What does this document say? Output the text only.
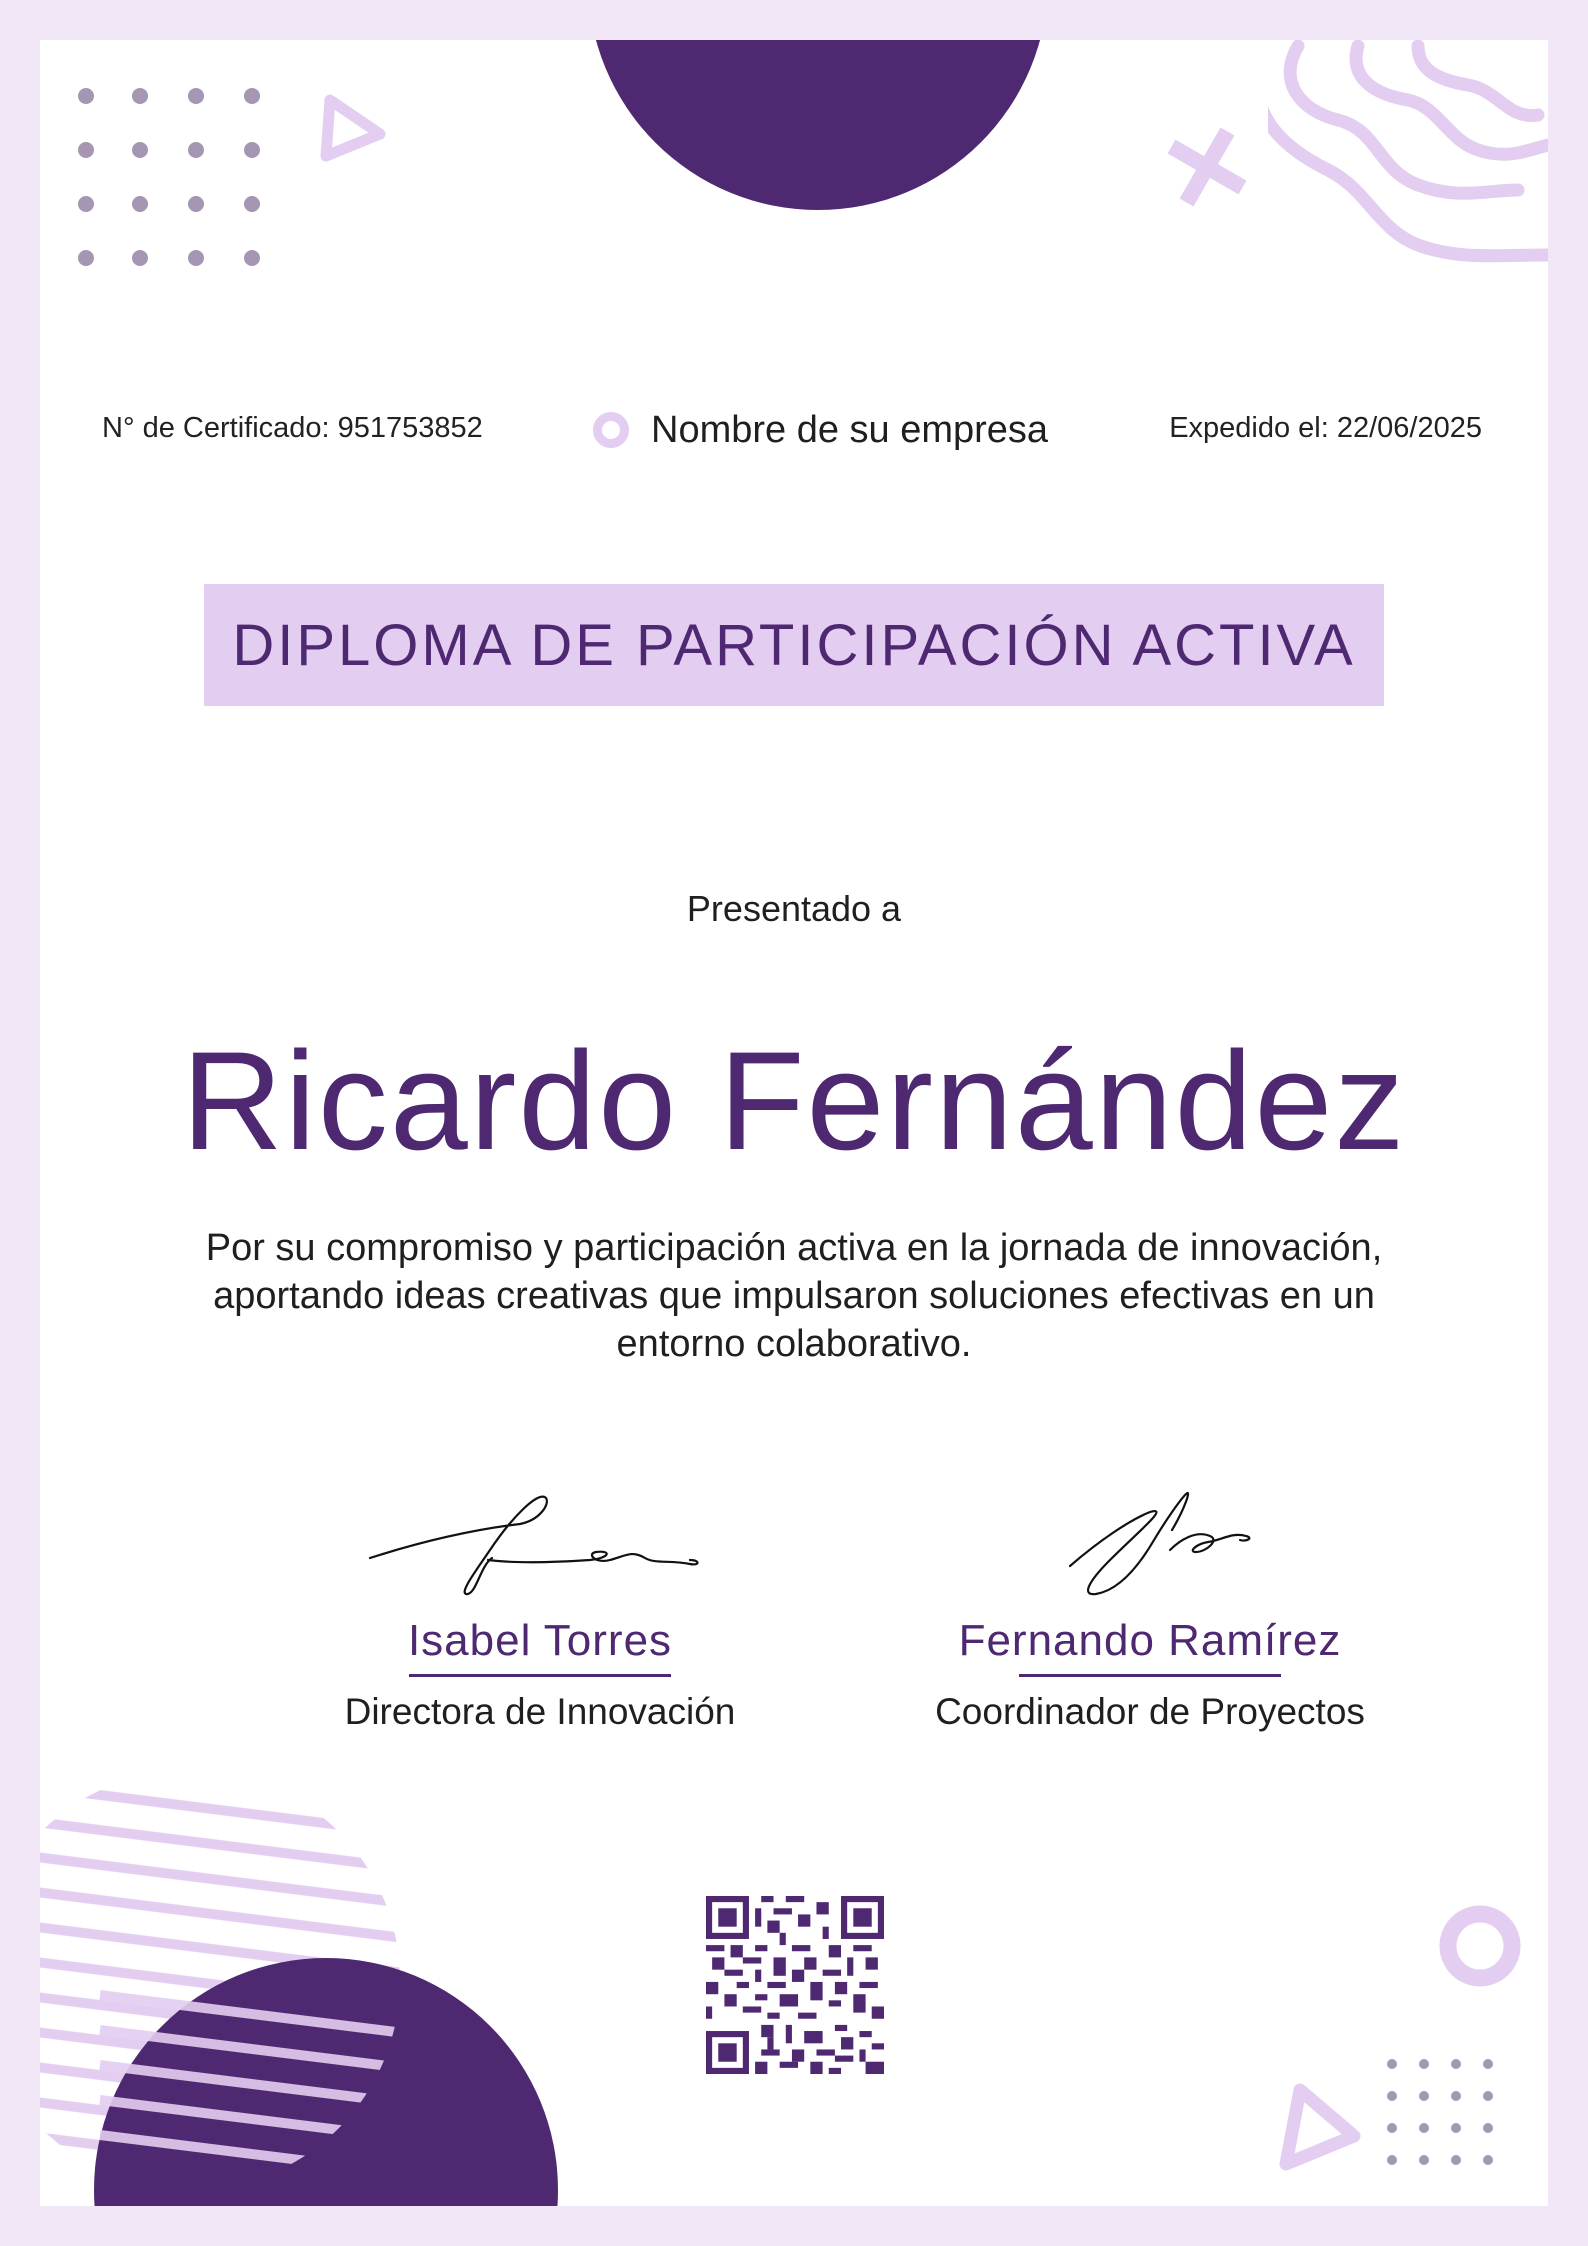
N° de Certificado: 951753852	Nombre de su empresa	Expedido el: 22/06/2025
DIPLOMA DE PARTICIPACIÓN ACTIVA
Presentado a
Ricardo Fernández
Por su compromiso y participación activa en la jornada de innovación, aportando ideas creativas que impulsaron soluciones efectivas en un entorno colaborativo.
Isabel Torres
Directora de Innovación
Fernando Ramírez
Coordinador de Proyectos
